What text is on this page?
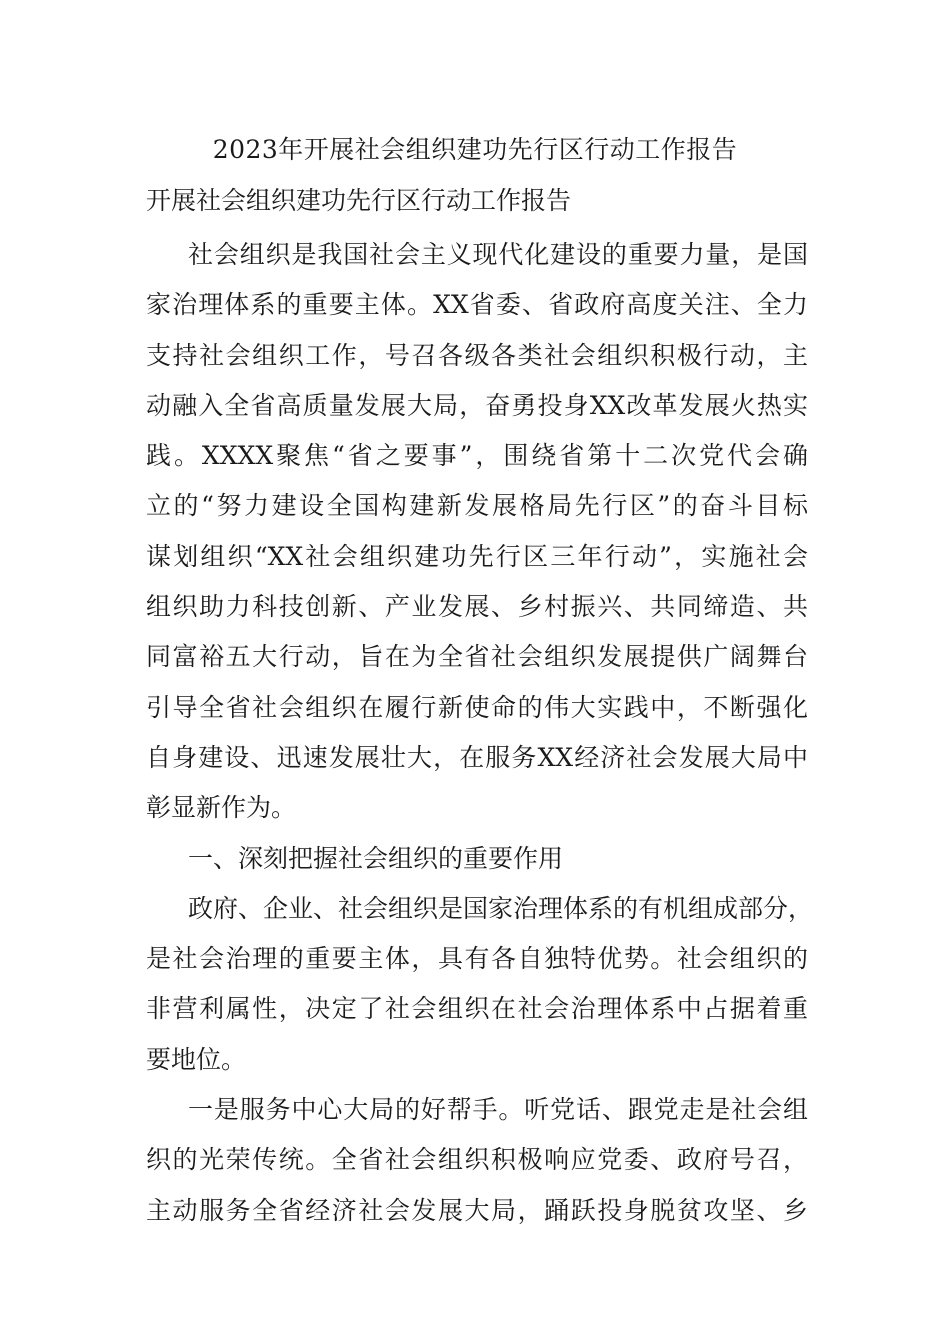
2023年开展社会组织建功先行区行动工作报告
开展社会组织建功先行区行动工作报告
社会组织是我国社会主义现代化建设的重要力量，是国
家治理体系的重要主体。XX省委、省政府高度关注、全力
支持社会组织工作，号召各级各类社会组织积极行动，主
动融入全省高质量发展大局，奋勇投身XX改革发展火热实
践。XXXX聚焦“省之要事”，围绕省第十二次党代会确
立的“努力建设全国构建新发展格局先行区”的奋斗目标
谋划组织“XX社会组织建功先行区三年行动”，实施社会
组织助力科技创新、产业发展、乡村振兴、共同缔造、共
同富裕五大行动，旨在为全省社会组织发展提供广阔舞台
引导全省社会组织在履行新使命的伟大实践中，不断强化
自身建设、迅速发展壮大，在服务XX经济社会发展大局中
彰显新作为。
一、深刻把握社会组织的重要作用
政府、企业、社会组织是国家治理体系的有机组成部分，
是社会治理的重要主体，具有各自独特优势。社会组织的
非营利属性，决定了社会组织在社会治理体系中占据着重
要地位。
一是服务中心大局的好帮手。听党话、跟党走是社会组
织的光荣传统。全省社会组织积极响应党委、政府号召，
主动服务全省经济社会发展大局，踊跃投身脱贫攻坚、乡
